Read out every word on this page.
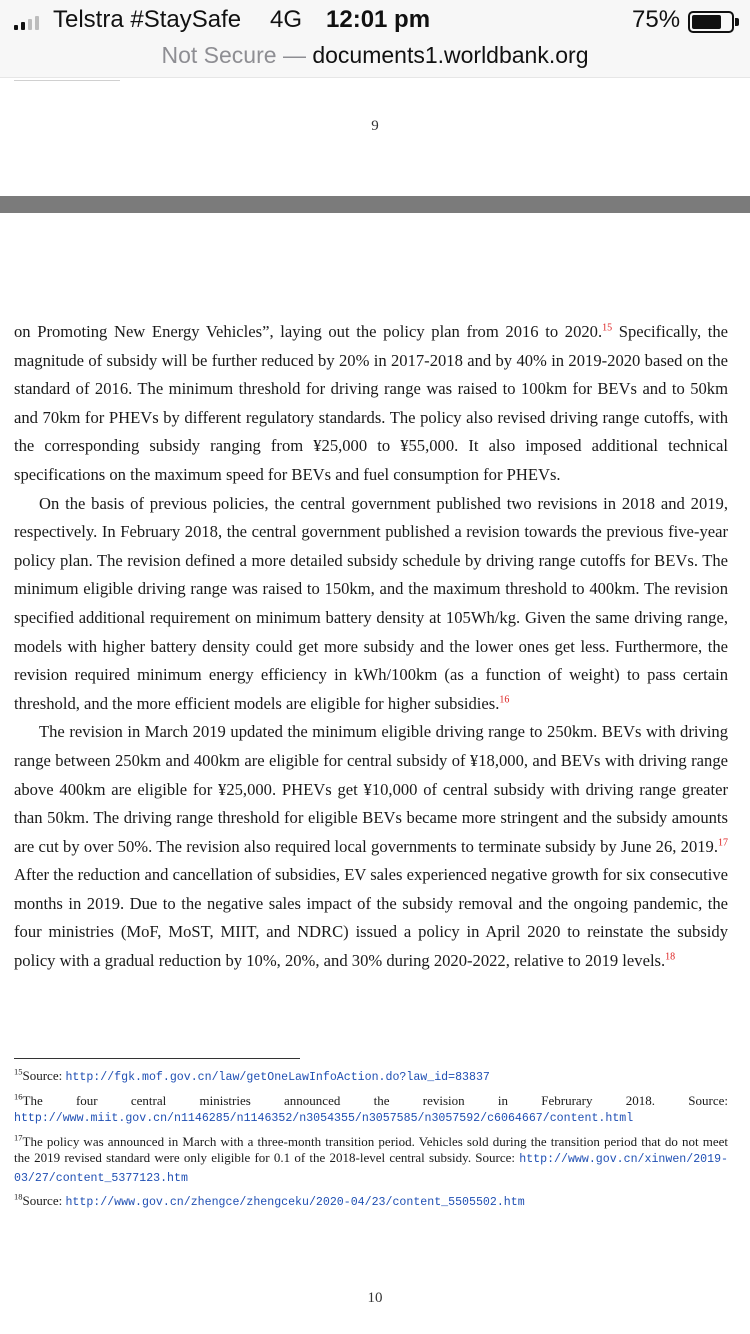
Telstra #StaySafe 4G 12:01 pm	75%
Not Secure — documents1.worldbank.org
9
on Promoting New Energy Vehicles”, laying out the policy plan from 2016 to 2020.15 Specifically, the magnitude of subsidy will be further reduced by 20% in 2017-2018 and by 40% in 2019-2020 based on the standard of 2016. The minimum threshold for driving range was raised to 100km for BEVs and to 50km and 70km for PHEVs by different regulatory standards. The policy also revised driving range cutoffs, with the corresponding subsidy ranging from ¥25,000 to ¥55,000. It also imposed additional technical specifications on the maximum speed for BEVs and fuel consumption for PHEVs.
On the basis of previous policies, the central government published two revisions in 2018 and 2019, respectively. In February 2018, the central government published a revision towards the previous five-year policy plan. The revision defined a more detailed subsidy schedule by driving range cutoffs for BEVs. The minimum eligible driving range was raised to 150km, and the maximum threshold to 400km. The revision specified additional requirement on minimum battery density at 105Wh/kg. Given the same driving range, models with higher battery density could get more subsidy and the lower ones get less. Furthermore, the revision required minimum energy efficiency in kWh/100km (as a function of weight) to pass certain threshold, and the more efficient models are eligible for higher subsidies.$^{16}$
The revision in March 2019 updated the minimum eligible driving range to 250km. BEVs with driving range between 250km and 400km are eligible for central subsidy of ¥18,000, and BEVs with driving range above 400km are eligible for ¥25,000. PHEVs get ¥10,000 of central subsidy with driving range greater than 50km. The driving range threshold for eligible BEVs became more stringent and the subsidy amounts are cut by over 50%. The revision also required local governments to terminate subsidy by June 26, 2019.17 After the reduction and cancellation of subsidies, EV sales experienced negative growth for six consecutive months in 2019. Due to the negative sales impact of the subsidy removal and the ongoing pandemic, the four ministries (MoF, MoST, MIIT, and NDRC) issued a policy in April 2020 to reinstate the subsidy policy with a gradual reduction by 10%, 20%, and 30% during 2020-2022, relative to 2019 levels.$^{18}$
$^{15}$Source: http://fgk.mof.gov.cn/law/getOneLawInfoAction.do?law_id=83837
$^{16}$The four central ministries announced the revision in Februrary 2018. Source: http://www.miit.gov.cn/n1146285/n1146352/n3054355/n3057585/n3057592/c6064667/content.html
$^{17}$The policy was announced in March with a three-month transition period. Vehicles sold during the transition period that do not meet the 2019 revised standard were only eligible for 0.1 of the 2018-level central subsidy. Source: http://www.gov.cn/xinwen/2019-03/27/content_5377123.htm
$^{18}$Source: http://www.gov.cn/zhengce/zhengceku/2020-04/23/content_5505502.htm
10
